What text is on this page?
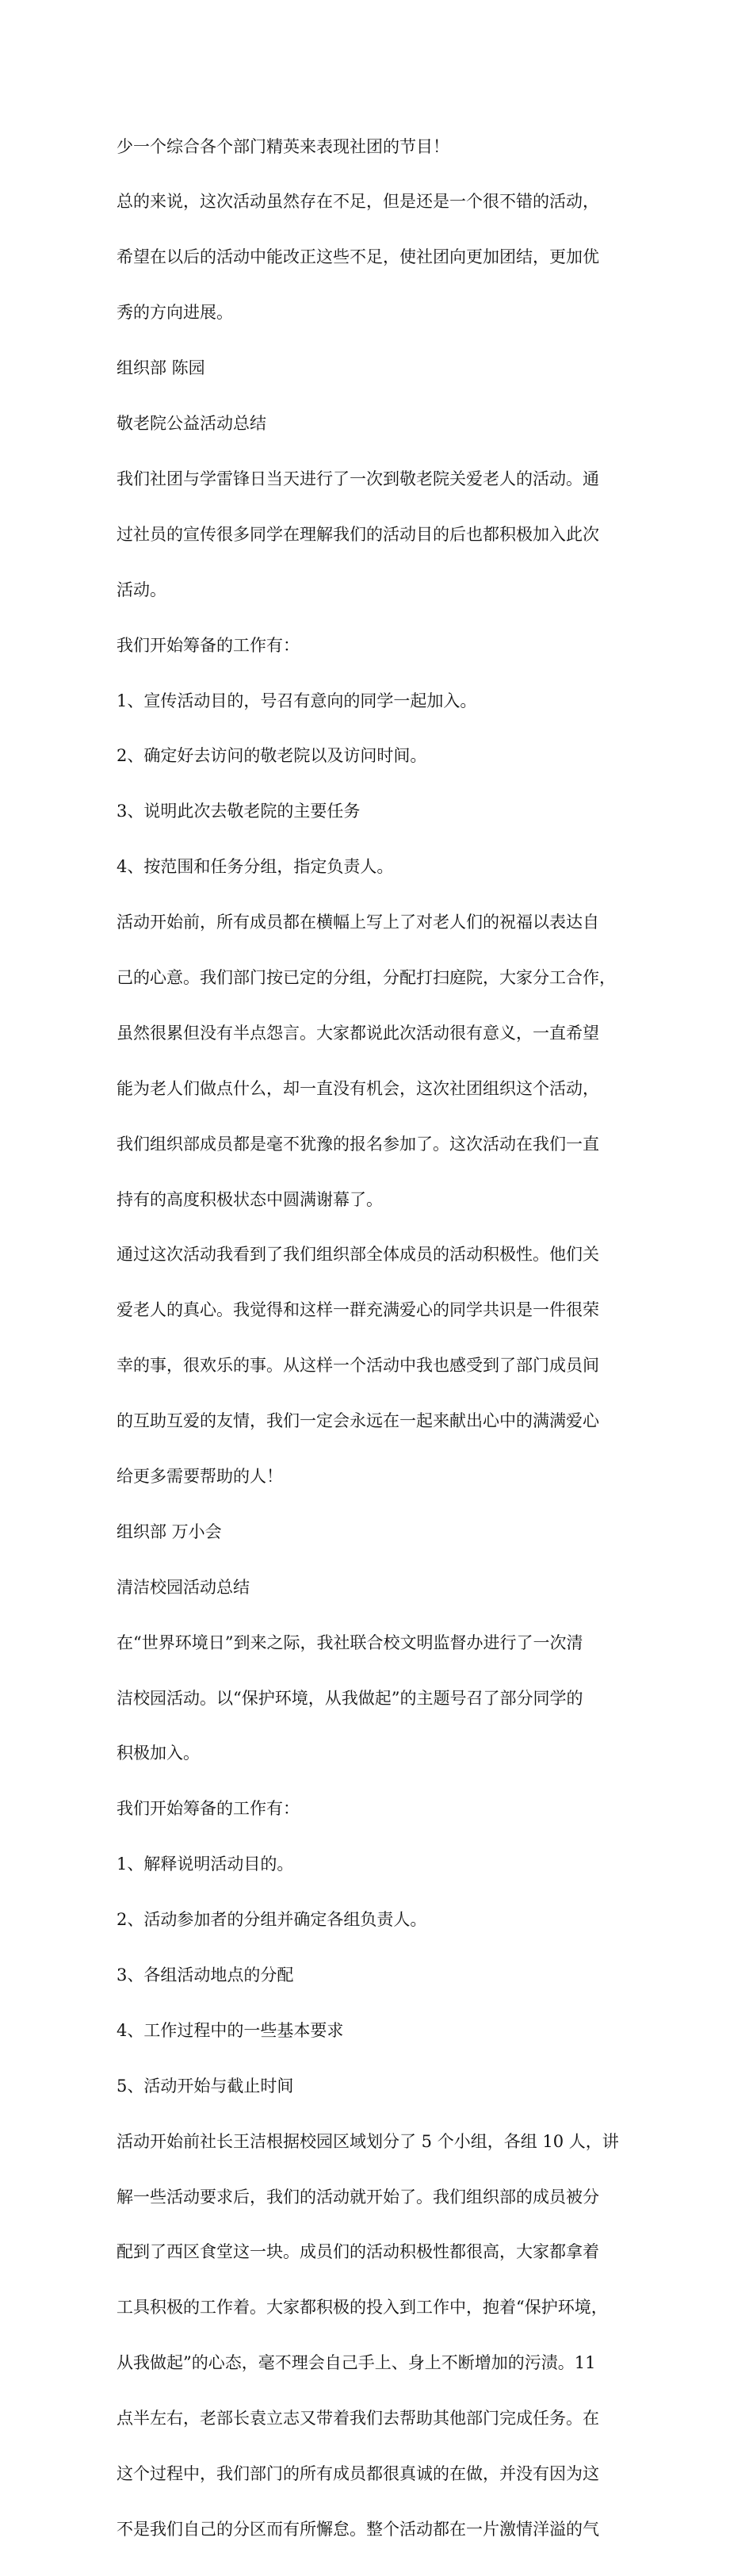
少一个综合各个部门精英来表现社团的节目！

总的来说，这次活动虽然存在不足，但是还是一个很不错的活动，

希望在以后的活动中能改正这些不足，使社团向更加团结，更加优

秀的方向进展。

组织部 陈园

敬老院公益活动总结

我们社团与学雷锋日当天进行了一次到敬老院关爱老人的活动。通

过社员的宣传很多同学在理解我们的活动目的后也都积极加入此次

活动。

我们开始筹备的工作有：

1、宣传活动目的，号召有意向的同学一起加入。

2、确定好去访问的敬老院以及访问时间。

3、说明此次去敬老院的主要任务

4、按范围和任务分组，指定负责人。

活动开始前，所有成员都在横幅上写上了对老人们的祝福以表达自

己的心意。我们部门按已定的分组，分配打扫庭院，大家分工合作，

虽然很累但没有半点怨言。大家都说此次活动很有意义，一直希望

能为老人们做点什么，却一直没有机会，这次社团组织这个活动，

我们组织部成员都是毫不犹豫的报名参加了。这次活动在我们一直

持有的高度积极状态中圆满谢幕了。

通过这次活动我看到了我们组织部全体成员的活动积极性。他们关

爱老人的真心。我觉得和这样一群充满爱心的同学共识是一件很荣

幸的事，很欢乐的事。从这样一个活动中我也感受到了部门成员间

的互助互爱的友情，我们一定会永远在一起来献出心中的满满爱心

给更多需要帮助的人！

组织部 万小会

清洁校园活动总结

在“世界环境日”到来之际，我社联合校文明监督办进行了一次清

洁校园活动。以“保护环境，从我做起”的主题号召了部分同学的

积极加入。

我们开始筹备的工作有：

1、解释说明活动目的。

2、活动参加者的分组并确定各组负责人。

3、各组活动地点的分配

4、工作过程中的一些基本要求

5、活动开始与截止时间

活动开始前社长王洁根据校园区域划分了 5 个小组，各组 10 人，讲

解一些活动要求后，我们的活动就开始了。我们组织部的成员被分

配到了西区食堂这一块。成员们的活动积极性都很高，大家都拿着

工具积极的工作着。大家都积极的投入到工作中，抱着“保护环境，

从我做起”的心态，毫不理会自己手上、身上不断增加的污渍。11

点半左右，老部长袁立志又带着我们去帮助其他部门完成任务。在

这个过程中，我们部门的所有成员都很真诚的在做，并没有因为这

不是我们自己的分区而有所懈怠。整个活动都在一片激情洋溢的气
